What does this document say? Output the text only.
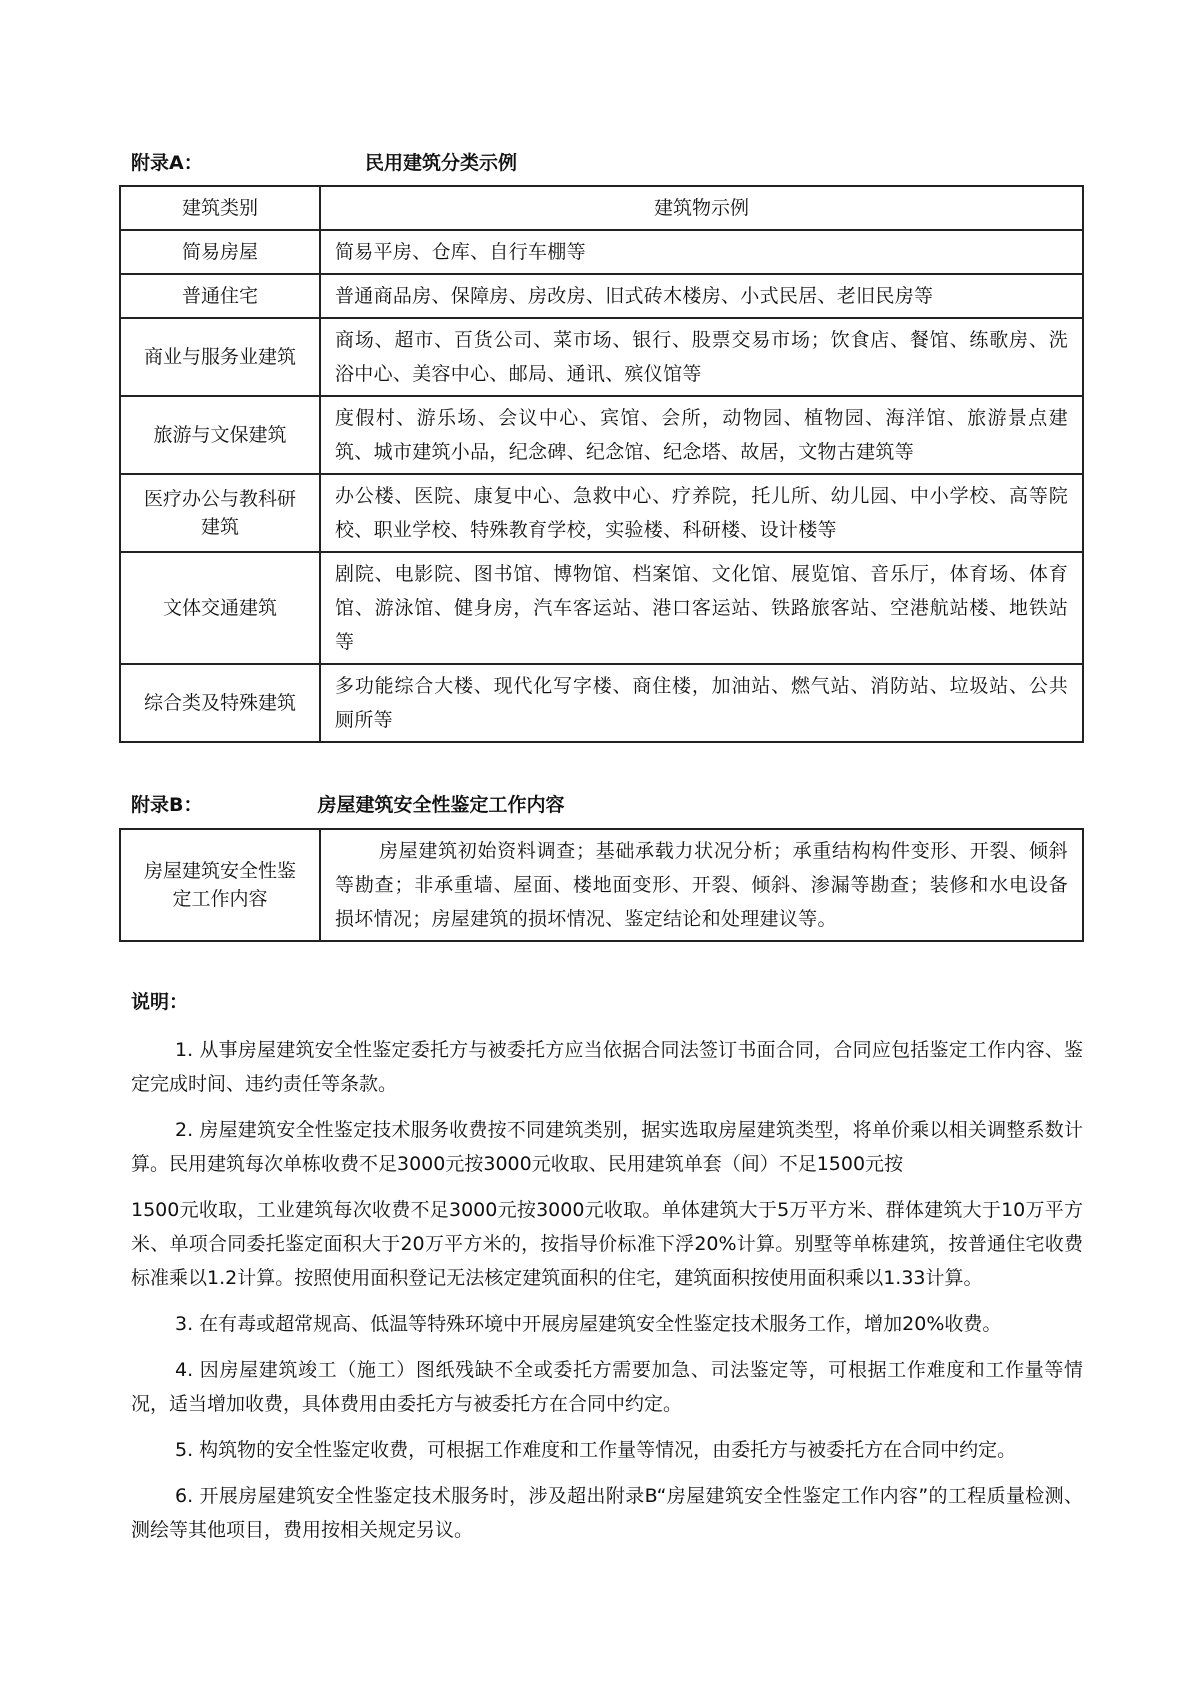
附录A：	民用建筑分类示例
建筑类别	建筑物示例
简易房屋	简易平房、仓库、自行车棚等
普通住宅	普通商品房、保障房、房改房、旧式砖木楼房、小式民居、老旧民房等
商业与服务业建筑	商场、超市、百货公司、菜市场、银行、股票交易市场；饮食店、餐馆、练歌房、洗浴中心、美容中心、邮局、通讯、殡仪馆等
旅游与文保建筑	度假村、游乐场、会议中心、宾馆、会所，动物园、植物园、海洋馆、旅游景点建筑、城市建筑小品，纪念碑、纪念馆、纪念塔、故居，文物古建筑等
医疗办公与教科研建筑	办公楼、医院、康复中心、急救中心、疗养院，托儿所、幼儿园、中小学校、高等院校、职业学校、特殊教育学校，实验楼、科研楼、设计楼等
文体交通建筑	剧院、电影院、图书馆、博物馆、档案馆、文化馆、展览馆、音乐厅，体育场、体育馆、游泳馆、健身房，汽车客运站、港口客运站、铁路旅客站、空港航站楼、地铁站等
综合类及特殊建筑	多功能综合大楼、现代化写字楼、商住楼，加油站、燃气站、消防站、垃圾站、公共厕所等
附录B：	房屋建筑安全性鉴定工作内容
房屋建筑安全性鉴定工作内容	房屋建筑初始资料调查；基础承载力状况分析；承重结构构件变形、开裂、倾斜等勘查；非承重墙、屋面、楼地面变形、开裂、倾斜、渗漏等勘查；装修和水电设备损坏情况；房屋建筑的损坏情况、鉴定结论和处理建议等。
说明：

1. 从事房屋建筑安全性鉴定委托方与被委托方应当依据合同法签订书面合同，合同应包括鉴定工作内容、鉴定完成时间、违约责任等条款。

2. 房屋建筑安全性鉴定技术服务收费按不同建筑类别，据实选取房屋建筑类型，将单价乘以相关调整系数计算。民用建筑每次单栋收费不足3000元按3000元收取、民用建筑单套（间）不足1500元按

1500元收取，工业建筑每次收费不足3000元按3000元收取。单体建筑大于5万平方米、群体建筑大于10万平方米、单项合同委托鉴定面积大于20万平方米的，按指导价标准下浮20%计算。别墅等单栋建筑，按普通住宅收费标准乘以1.2计算。按照使用面积登记无法核定建筑面积的住宅，建筑面积按使用面积乘以1.33计算。

3. 在有毒或超常规高、低温等特殊环境中开展房屋建筑安全性鉴定技术服务工作，增加20%收费。

4. 因房屋建筑竣工（施工）图纸残缺不全或委托方需要加急、司法鉴定等，可根据工作难度和工作量等情况，适当增加收费，具体费用由委托方与被委托方在合同中约定。

5. 构筑物的安全性鉴定收费，可根据工作难度和工作量等情况，由委托方与被委托方在合同中约定。

6. 开展房屋建筑安全性鉴定技术服务时，涉及超出附录B“房屋建筑安全性鉴定工作内容”的工程质量检测、测绘等其他项目，费用按相关规定另议。
